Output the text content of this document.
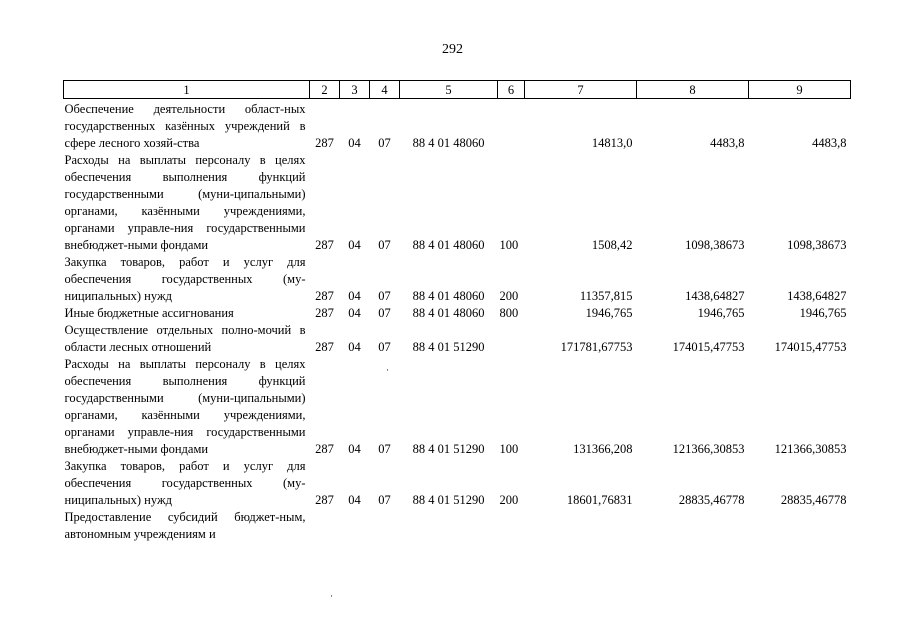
292
1	2	3	4	5	6	7	8	9
Обеспечение деятельности област-ных государственных казённых учреждений в сфере лесного хозяй-ства	287	04	07	88 4 01 48060		14813,0	4483,8	4483,8
Расходы на выплаты персоналу в целях обеспечения выполнения функций государственными (муни-ципальными) органами, казёнными учреждениями, органами управле-ния государственными внебюджет-ными фондами	287	04	07	88 4 01 48060	100	1508,42	1098,38673	1098,38673
Закупка товаров, работ и услуг для обеспечения государственных (му-ниципальных) нужд	287	04	07	88 4 01 48060	200	11357,815	1438,64827	1438,64827
Иные бюджетные ассигнования	287	04	07	88 4 01 48060	800	1946,765	1946,765	1946,765
Осуществление отдельных полно-мочий в области лесных отношений	287	04	07	88 4 01 51290		171781,67753	174015,47753	174015,47753
Расходы на выплаты персоналу в целях обеспечения выполнения функций государственными (муни-ципальными) органами, казёнными учреждениями, органами управле-ния государственными внебюджет-ными фондами	287	04	07	88 4 01 51290	100	131366,208	121366,30853	121366,30853
Закупка товаров, работ и услуг для обеспечения государственных (му-ниципальных) нужд	287	04	07	88 4 01 51290	200	18601,76831	28835,46778	28835,46778
Предоставление субсидий бюджет-ным, автономным учреждениям и								
·
·
